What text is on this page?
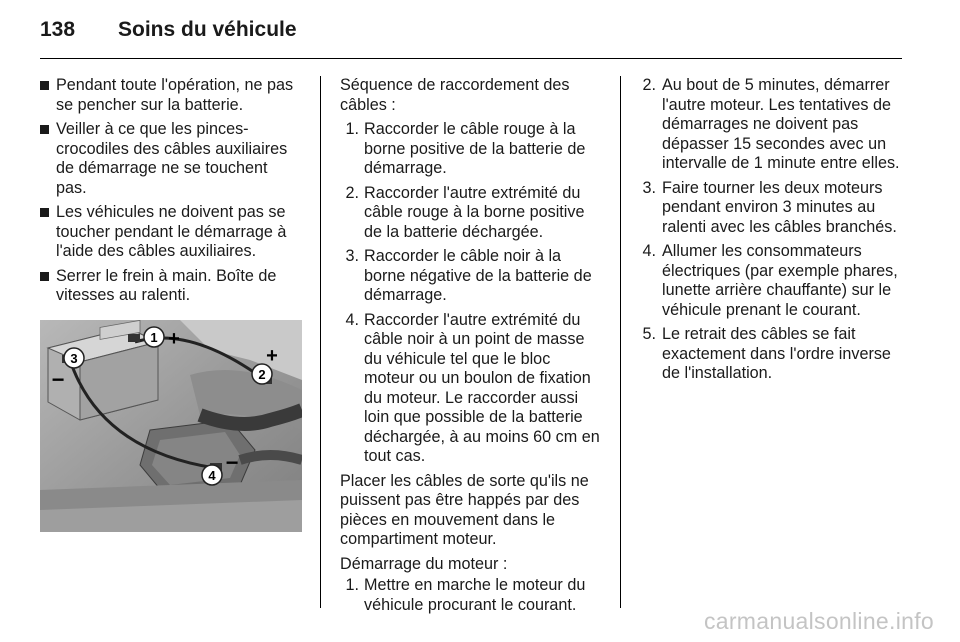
138	Soins du véhicule
Pendant toute l'opération, ne pas se pencher sur la batterie.
Veiller à ce que les pinces-crocodiles des câbles auxiliaires de démarrage ne se touchent pas.
Les véhicules ne doivent pas se toucher pendant le démarrage à l'aide des câbles auxiliaires.
Serrer le frein à main. Boîte de vitesses au ralenti.
1 +
3
−	2
+
4
−
Séquence de raccordement des câbles :
1. Raccorder le câble rouge à la borne positive de la batterie de démarrage.
2. Raccorder l'autre extrémité du câble rouge à la borne positive de la batterie déchargée.
3. Raccorder le câble noir à la borne négative de la batterie de démarrage.
4. Raccorder l'autre extrémité du câble noir à un point de masse du véhicule tel que le bloc moteur ou un boulon de fixation du moteur. Le raccorder aussi loin que possible de la batterie déchargée, à au moins 60 cm en tout cas.
Placer les câbles de sorte qu'ils ne puissent pas être happés par des pièces en mouvement dans le compartiment moteur.
Démarrage du moteur :
1. Mettre en marche le moteur du véhicule procurant le courant.
2. Au bout de 5 minutes, démarrer l'autre moteur. Les tentatives de démarrages ne doivent pas dépasser 15 secondes avec un intervalle de 1 minute entre elles.
3. Faire tourner les deux moteurs pendant environ 3 minutes au ralenti avec les câbles branchés.
4. Allumer les consommateurs électriques (par exemple phares, lunette arrière chauffante) sur le véhicule prenant le courant.
5. Le retrait des câbles se fait exactement dans l'ordre inverse de l'installation.
carmanualsonline.info
